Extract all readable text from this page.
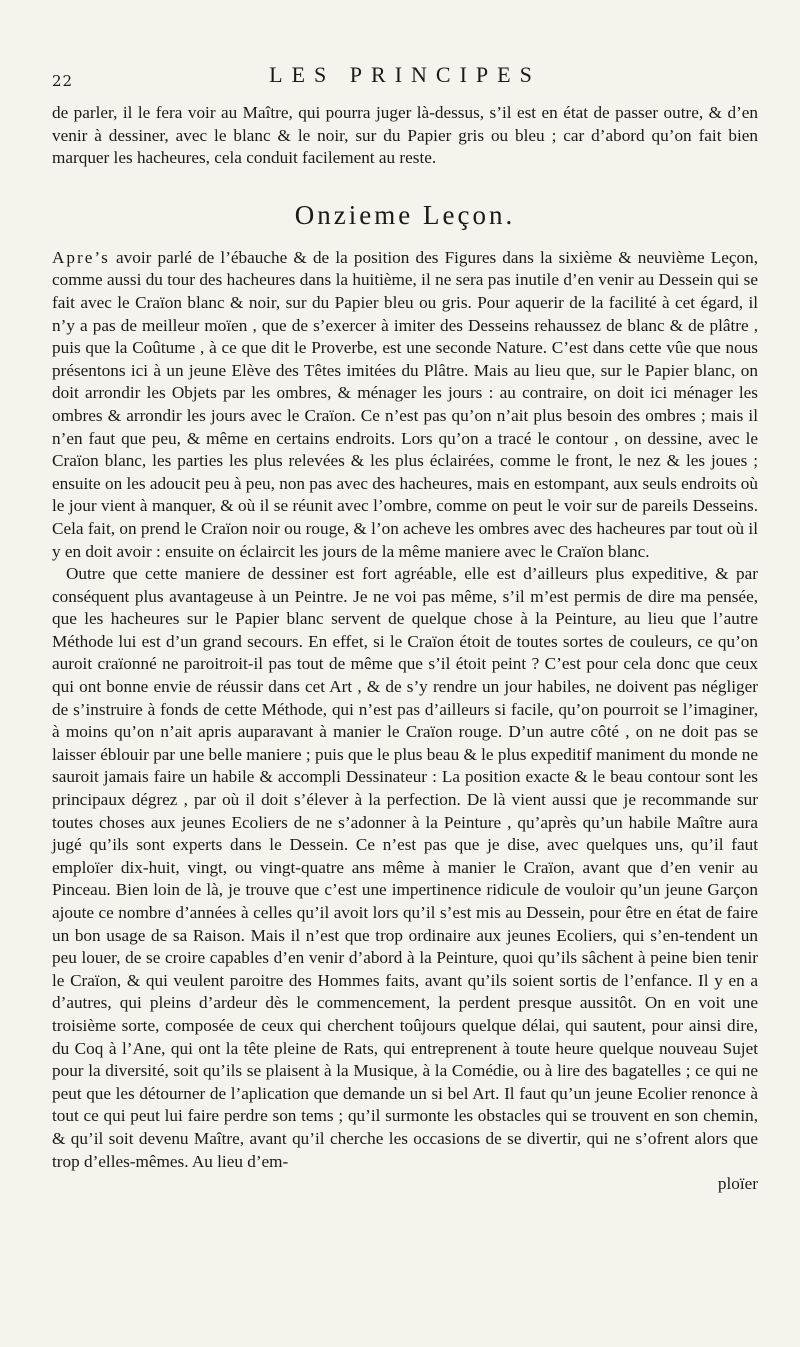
22	LES PRINCIPES

de parler, il le fera voir au Maître, qui pourra juger là-dessus, s’il est en état de passer outre, & d’en venir à dessiner, avec le blanc & le noir, sur du Papier gris ou bleu ; car d’abord qu’on fait bien marquer les hacheures, cela conduit facilement au reste.

Onzieme Leçon.

Apre’s avoir parlé de l’ébauche & de la position des Figures dans la sixième & neuvième Leçon, comme aussi du tour des hacheures dans la huitième, il ne sera pas inutile d’en venir au Dessein qui se fait avec le Craïon blanc & noir, sur du Papier bleu ou gris. Pour aquerir de la facilité à cet égard, il n’y a pas de meilleur moïen , que de s’exercer à imiter des Desseins rehaussez de blanc & de plâtre , puis que la Coûtume , à ce que dit le Proverbe, est une seconde Nature. C’est dans cette vûe que nous présentons ici à un jeune Elève des Têtes imitées du Plâtre. Mais au lieu que, sur le Papier blanc, on doit arrondir les Objets par les ombres, & ménager les jours : au contraire, on doit ici ménager les ombres & arrondir les jours avec le Craïon. Ce n’est pas qu’on n’ait plus besoin des ombres ; mais il n’en faut que peu, & même en certains endroits. Lors qu’on a tracé le contour , on dessine, avec le Craïon blanc, les parties les plus relevées & les plus éclairées, comme le front, le nez & les joues ; ensuite on les adoucit peu à peu, non pas avec des hacheures, mais en estompant, aux seuls endroits où le jour vient à manquer, & où il se réunit avec l’ombre, comme on peut le voir sur de pareils Desseins. Cela fait, on prend le Craïon noir ou rouge, & l’on acheve les ombres avec des hacheures par tout où il y en doit avoir : ensuite on éclaircit les jours de la même maniere avec le Craïon blanc.

Outre que cette maniere de dessiner est fort agréable, elle est d’ailleurs plus expeditive, & par conséquent plus avantageuse à un Peintre. Je ne voi pas même, s’il m’est permis de dire ma pensée, que les hacheures sur le Papier blanc servent de quelque chose à la Peinture, au lieu que l’autre Méthode lui est d’un grand secours. En effet, si le Craïon étoit de toutes sortes de couleurs, ce qu’on auroit craïonné ne paroitroit-il pas tout de même que s’il étoit peint ? C’est pour cela donc que ceux qui ont bonne envie de réussir dans cet Art , & de s’y rendre un jour habiles, ne doivent pas négliger de s’instruire à fonds de cette Méthode, qui n’est pas d’ailleurs si facile, qu’on pourroit se l’imaginer, à moins qu’on n’ait apris auparavant à manier le Craïon rouge. D’un autre côté , on ne doit pas se laisser éblouir par une belle maniere ; puis que le plus beau & le plus expeditif maniment du monde ne sauroit jamais faire un habile & accompli Dessinateur : La position exacte & le beau contour sont les principaux dégrez , par où il doit s’élever à la perfection. De là vient aussi que je recommande sur toutes choses aux jeunes Ecoliers de ne s’adonner à la Peinture , qu’après qu’un habile Maître aura jugé qu’ils sont experts dans le Dessein. Ce n’est pas que je dise, avec quelques uns, qu’il faut emploïer dix-huit, vingt, ou vingt-quatre ans même à manier le Craïon, avant que d’en venir au Pinceau. Bien loin de là, je trouve que c’est une impertinence ridicule de vouloir qu’un jeune Garçon ajoute ce nombre d’années à celles qu’il avoit lors qu’il s’est mis au Dessein, pour être en état de faire un bon usage de sa Raison. Mais il n’est que trop ordinaire aux jeunes Ecoliers, qui s’en-tendent un peu louer, de se croire capables d’en venir d’abord à la Peinture, quoi qu’ils sâchent à peine bien tenir le Craïon, & qui veulent paroitre des Hommes faits, avant qu’ils soient sortis de l’enfance. Il y en a d’autres, qui pleins d’ardeur dès le commencement, la perdent presque aussitôt. On en voit une troisième sorte, composée de ceux qui cherchent toûjours quelque délai, qui sautent, pour ainsi dire, du Coq à l’Ane, qui ont la tête pleine de Rats, qui entreprenent à toute heure quelque nouveau Sujet pour la diversité, soit qu’ils se plaisent à la Musique, à la Comédie, ou à lire des bagatelles ; ce qui ne peut que les détourner de l’aplication que demande un si bel Art. Il faut qu’un jeune Ecolier renonce à tout ce qui peut lui faire perdre son tems ; qu’il surmonte les obstacles qui se trouvent en son chemin, & qu’il soit devenu Maître, avant qu’il cherche les occasions de se divertir, qui ne s’ofrent alors que trop d’elles-mêmes. Au lieu d’em-

ploïer
